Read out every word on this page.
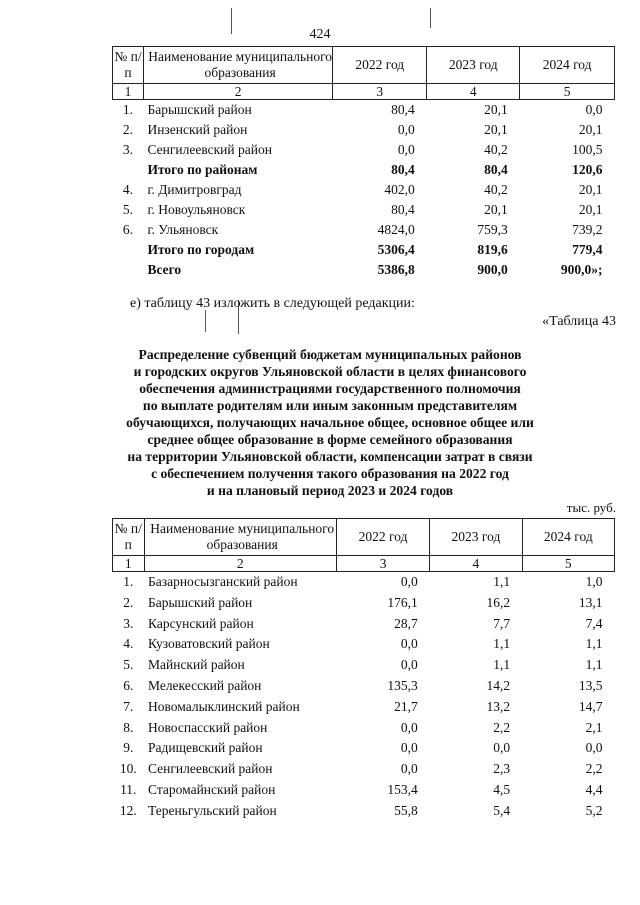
424
№ п/п	Наименование муниципального образования	2022 год	2023 год	2024 год
1	2	3	4	5
1.	Барышский район	80,4	20,1	0,0
2.	Инзенский район	0,0	20,1	20,1
3.	Сенгилеевский район	0,0	40,2	100,5
	Итого по районам	80,4	80,4	120,6
4.	г. Димитровград	402,0	40,2	20,1
5.	г. Новоульяновск	80,4	20,1	20,1
6.	г. Ульяновск	4824,0	759,3	739,2
	Итого по городам	5306,4	819,6	779,4
	Всего	5386,8	900,0	900,0»;
е) таблицу 43 изложить в следующей редакции:
«Таблица 43
Распределение субвенций бюджетам муниципальных районов
и городских округов Ульяновской области в целях финансового
обеспечения администрациями государственного полномочия
по выплате родителям или иным законным представителям
обучающихся, получающих начальное общее, основное общее или
среднее общее образование в форме семейного образования
на территории Ульяновской области, компенсации затрат в связи
с обеспечением получения такого образования на 2022 год
и на плановый период 2023 и 2024 годов
тыс. руб.
№ п/п	Наименование муниципального образования	2022 год	2023 год	2024 год
1	2	3	4	5
1.	Базарносызганский район	0,0	1,1	1,0
2.	Барышский район	176,1	16,2	13,1
3.	Карсунский район	28,7	7,7	7,4
4.	Кузоватовский район	0,0	1,1	1,1
5.	Майнский район	0,0	1,1	1,1
6.	Мелекесский район	135,3	14,2	13,5
7.	Новомалыклинский район	21,7	13,2	14,7
8.	Новоспасский район	0,0	2,2	2,1
9.	Радищевский район	0,0	0,0	0,0
10.	Сенгилеевский район	0,0	2,3	2,2
11.	Старомайнский район	153,4	4,5	4,4
12.	Тереньгульский район	55,8	5,4	5,2
